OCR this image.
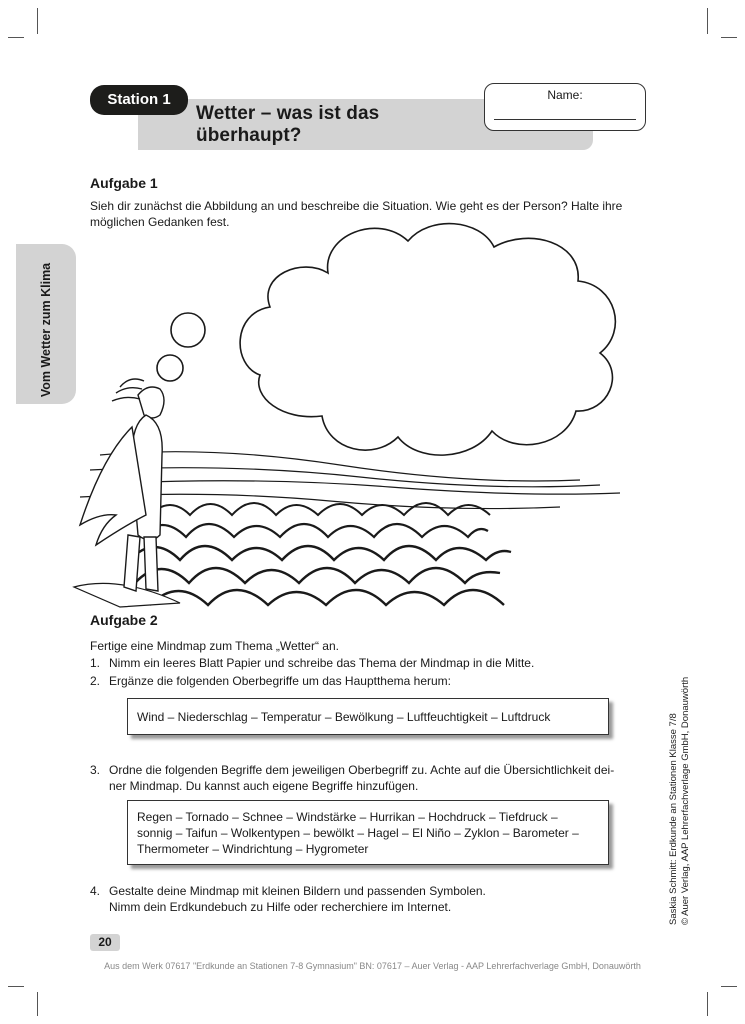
Station 1
Wetter – was ist das
überhaupt?
Name:
Vom Wetter zum Klima
Aufgabe 1
Sieh dir zunächst die Abbildung an und beschreibe die Situation. Wie geht es der Person? Halte ihre
möglichen Gedanken fest.
Aufgabe 2
Fertige eine Mindmap zum Thema „Wetter“ an.
1. Nimm ein leeres Blatt Papier und schreibe das Thema der Mindmap in die Mitte.
2. Ergänze die folgenden Oberbegriffe um das Hauptthema herum:
Wind – Niederschlag – Temperatur – Bewölkung – Luftfeuchtigkeit – Luftdruck
3. Ordne die folgenden Begriffe dem jeweiligen Oberbegriff zu. Achte auf die Übersichtlichkeit dei-
ner Mindmap. Du kannst auch eigene Begriffe hinzufügen.
Regen – Tornado – Schnee – Windstärke – Hurrikan – Hochdruck – Tiefdruck –
sonnig – Taifun – Wolkentypen – bewölkt – Hagel – El Niño – Zyklon – Barometer –
Thermometer – Windrichtung – Hygrometer
4. Gestalte deine Mindmap mit kleinen Bildern und passenden Symbolen.
Nimm dein Erdkundebuch zu Hilfe oder recherchiere im Internet.	Saskia Schmitt: Erdkunde an Stationen Klasse 7/8 © Auer Verlag, AAP Lehrerfachverlage GmbH, Donauwörth
20
Aus dem Werk 07617 "Erdkunde an Stationen 7-8 Gymnasium" BN: 07617 – Auer Verlag - AAP Lehrerfachverlage GmbH, Donauwörth
